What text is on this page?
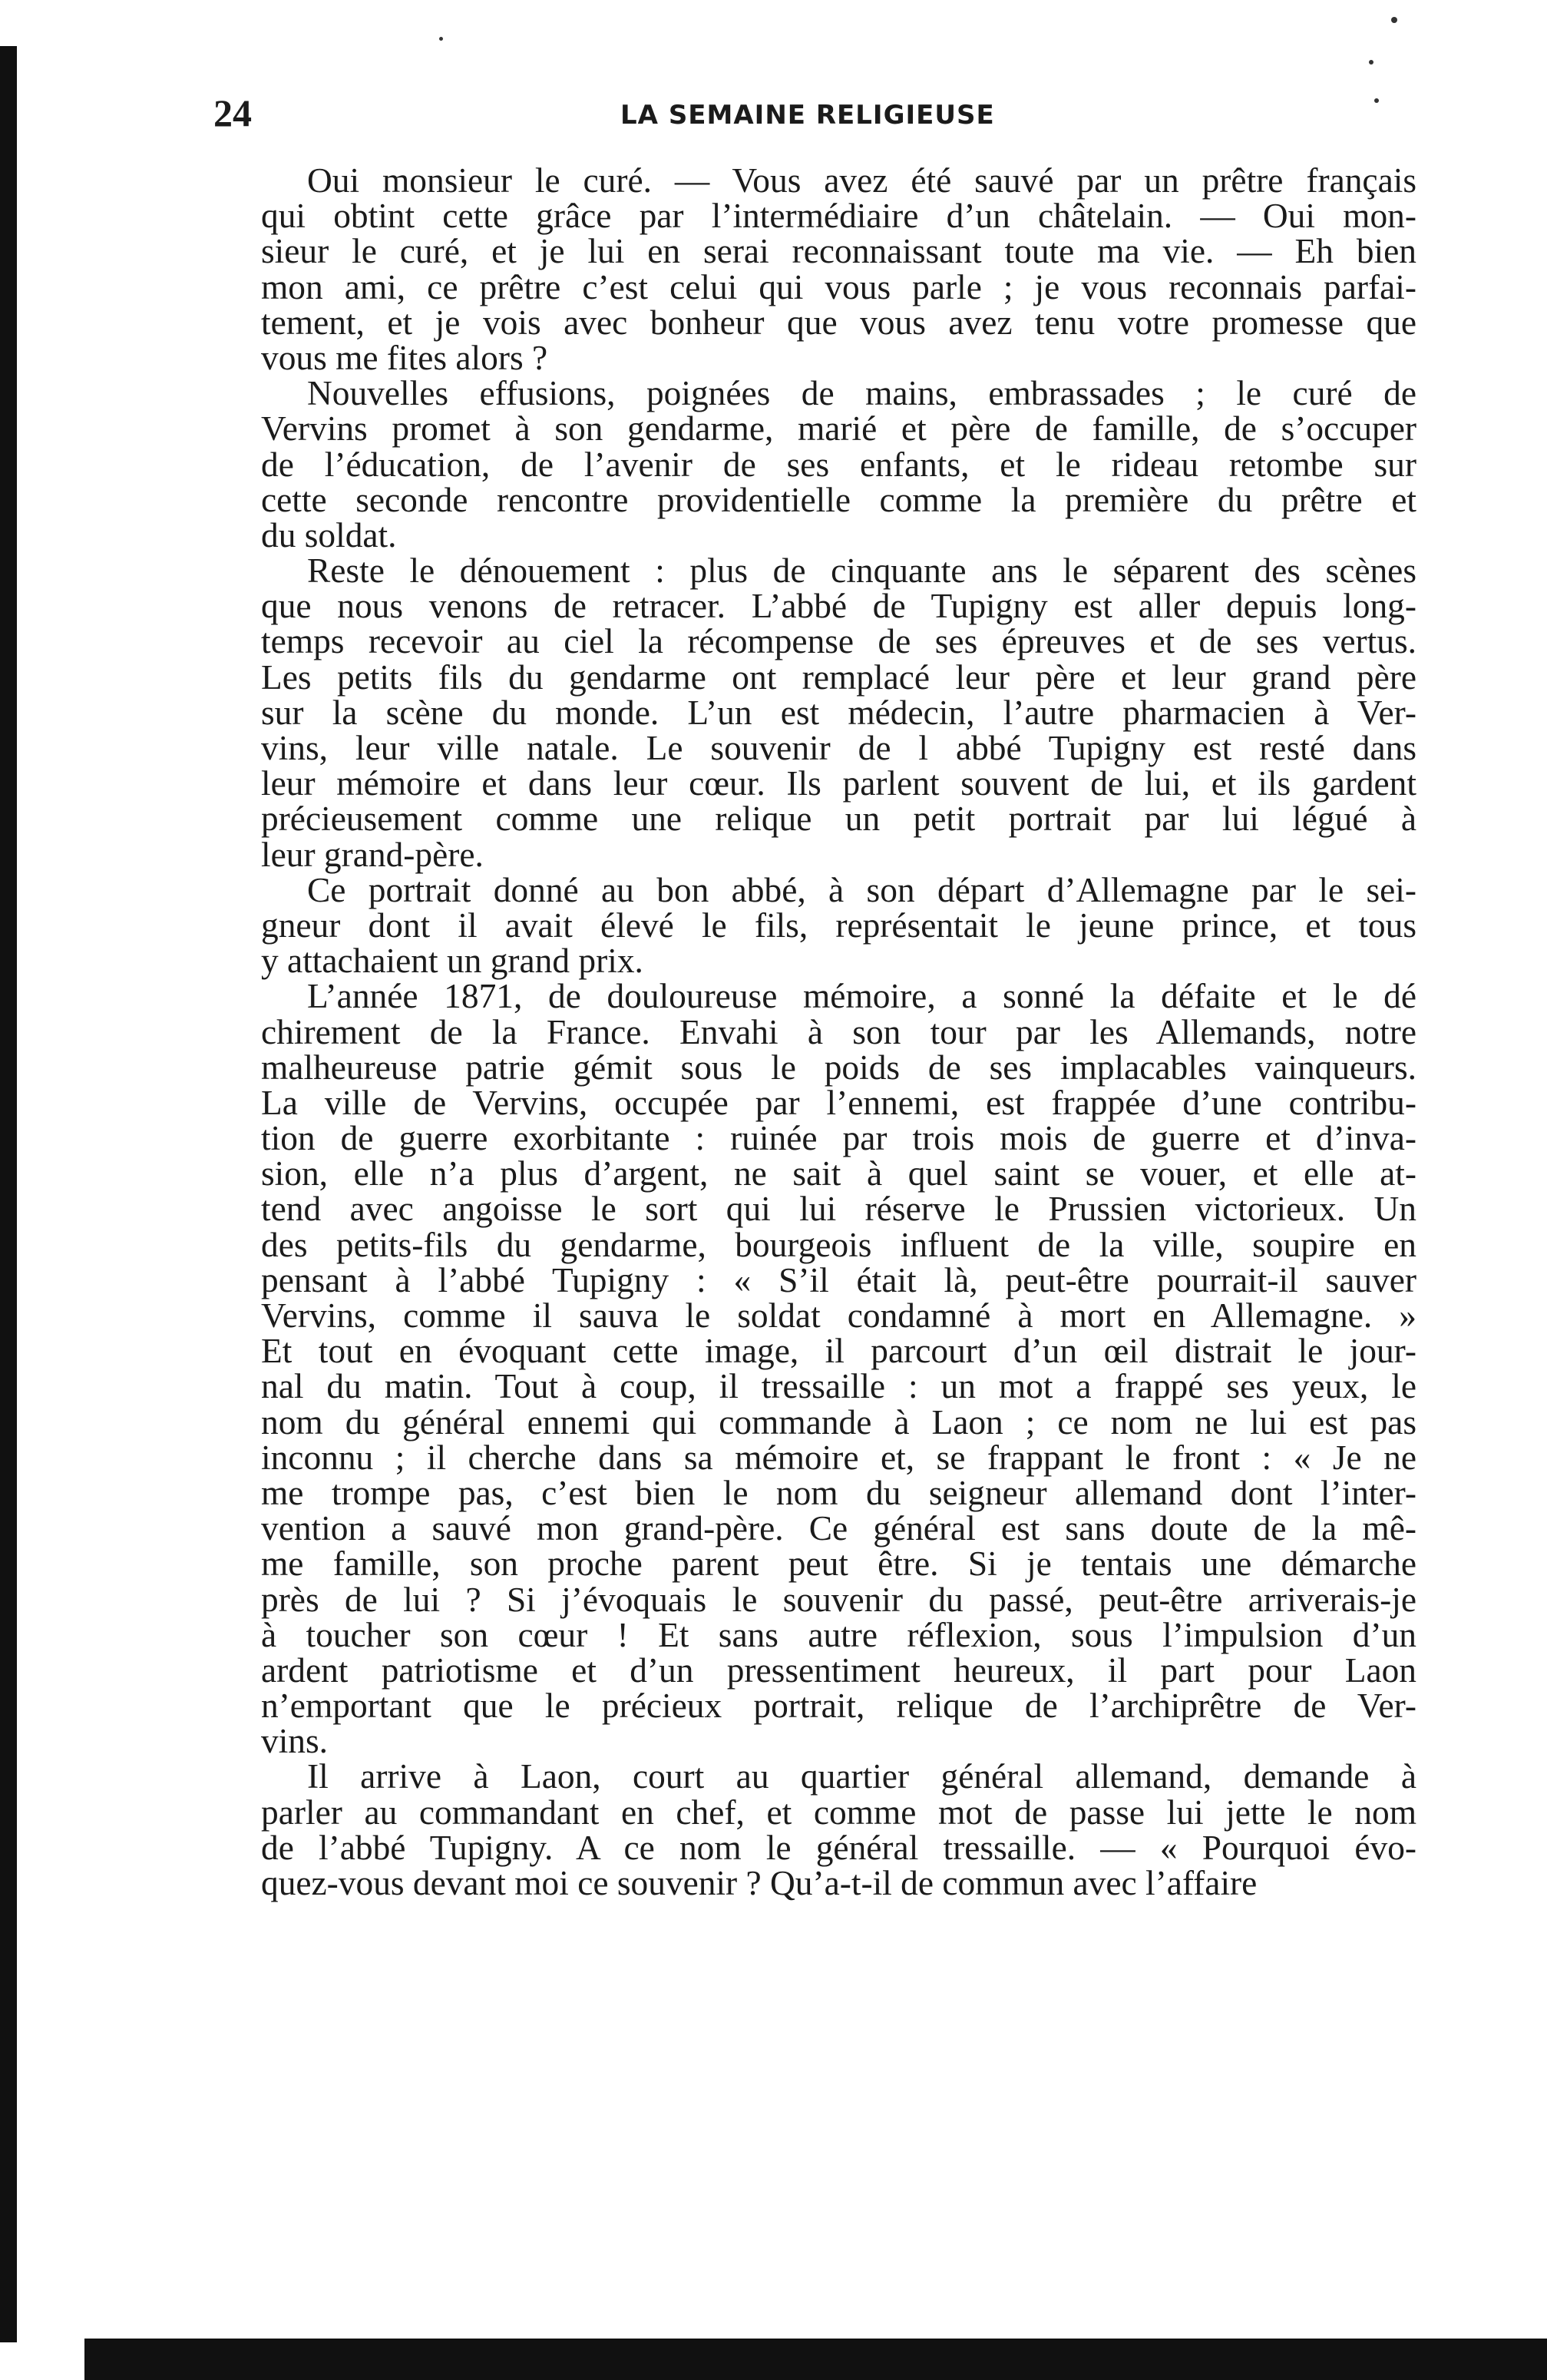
24	LA SEMAINE RELIGIEUSE

Oui monsieur le curé. — Vous avez été sauvé par un prêtre français
qui obtint cette grâce par l’intermédiaire d’un châtelain. — Oui mon-
sieur le curé, et je lui en serai reconnaissant toute ma vie. — Eh bien
mon ami, ce prêtre c’est celui qui vous parle ; je vous reconnais parfai-
tement, et je vois avec bonheur que vous avez tenu votre promesse que
vous me fites alors ?

Nouvelles effusions, poignées de mains, embrassades ; le curé de
Vervins promet à son gendarme, marié et père de famille, de s’occuper
de l’éducation, de l’avenir de ses enfants, et le rideau retombe sur
cette seconde rencontre providentielle comme la première du prêtre et
du soldat.

Reste le dénouement : plus de cinquante ans le séparent des scènes
que nous venons de retracer. L’abbé de Tupigny est aller depuis long-
temps recevoir au ciel la récompense de ses épreuves et de ses vertus.
Les petits fils du gendarme ont remplacé leur père et leur grand père
sur la scène du monde. L’un est médecin, l’autre pharmacien à Ver-
vins, leur ville natale. Le souvenir de l abbé Tupigny est resté dans
leur mémoire et dans leur cœur. Ils parlent souvent de lui, et ils gardent
précieusement comme une relique un petit portrait par lui légué à
leur grand-père.

Ce portrait donné au bon abbé, à son départ d’Allemagne par le sei-
gneur dont il avait élevé le fils, représentait le jeune prince, et tous
y attachaient un grand prix.

L’année 1871, de douloureuse mémoire, a sonné la défaite et le dé
chirement de la France. Envahi à son tour par les Allemands, notre
malheureuse patrie gémit sous le poids de ses implacables vainqueurs.
La ville de Vervins, occupée par l’ennemi, est frappée d’une contribu-
tion de guerre exorbitante : ruinée par trois mois de guerre et d’inva-
sion, elle n’a plus d’argent, ne sait à quel saint se vouer, et elle at-
tend avec angoisse le sort qui lui réserve le Prussien victorieux. Un
des petits-fils du gendarme, bourgeois influent de la ville, soupire en
pensant à l’abbé Tupigny : « S’il était là, peut-être pourrait-il sauver
Vervins, comme il sauva le soldat condamné à mort en Allemagne. »
Et tout en évoquant cette image, il parcourt d’un œil distrait le jour-
nal du matin. Tout à coup, il tressaille : un mot a frappé ses yeux, le
nom du général ennemi qui commande à Laon ; ce nom ne lui est pas
inconnu ; il cherche dans sa mémoire et, se frappant le front : « Je ne
me trompe pas, c’est bien le nom du seigneur allemand dont l’inter-
vention a sauvé mon grand-père. Ce général est sans doute de la mê-
me famille, son proche parent peut être. Si je tentais une démarche
près de lui ? Si j’évoquais le souvenir du passé, peut-être arriverais-je
à toucher son cœur ! Et sans autre réflexion, sous l’impulsion d’un
ardent patriotisme et d’un pressentiment heureux, il part pour Laon
n’emportant que le précieux portrait, relique de l’archiprêtre de Ver-
vins.

Il arrive à Laon, court au quartier général allemand, demande à
parler au commandant en chef, et comme mot de passe lui jette le nom
de l’abbé Tupigny. A ce nom le général tressaille. — « Pourquoi évo-
quez-vous devant moi ce souvenir ? Qu’a-t-il de commun avec l’affaire
